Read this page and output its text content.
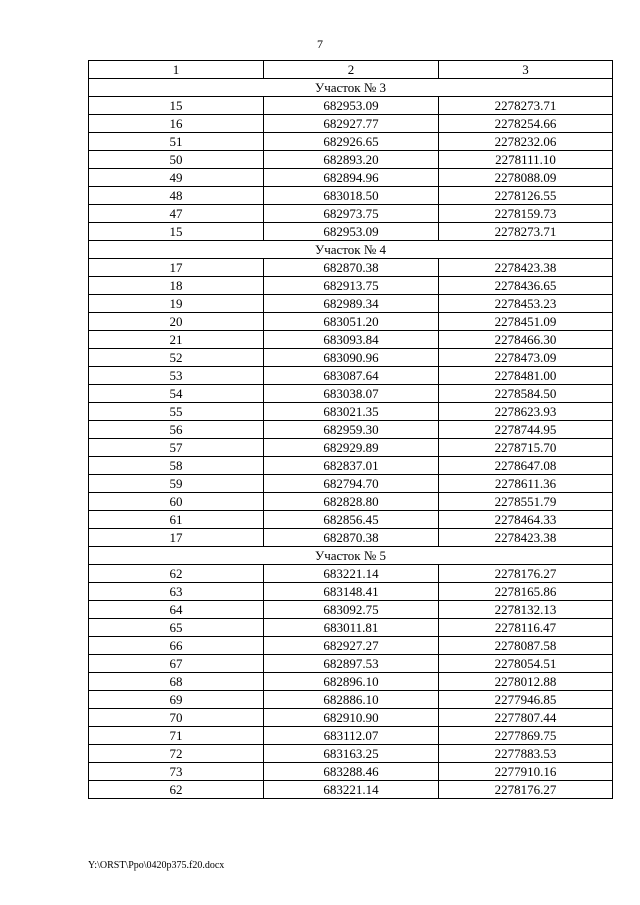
7
1	2	3
Участок № 3		
15	682953.09	2278273.71
16	682927.77	2278254.66
51	682926.65	2278232.06
50	682893.20	2278111.10
49	682894.96	2278088.09
48	683018.50	2278126.55
47	682973.75	2278159.73
15	682953.09	2278273.71
Участок № 4		
17	682870.38	2278423.38
18	682913.75	2278436.65
19	682989.34	2278453.23
20	683051.20	2278451.09
21	683093.84	2278466.30
52	683090.96	2278473.09
53	683087.64	2278481.00
54	683038.07	2278584.50
55	683021.35	2278623.93
56	682959.30	2278744.95
57	682929.89	2278715.70
58	682837.01	2278647.08
59	682794.70	2278611.36
60	682828.80	2278551.79
61	682856.45	2278464.33
17	682870.38	2278423.38
Участок № 5		
62	683221.14	2278176.27
63	683148.41	2278165.86
64	683092.75	2278132.13
65	683011.81	2278116.47
66	682927.27	2278087.58
67	682897.53	2278054.51
68	682896.10	2278012.88
69	682886.10	2277946.85
70	682910.90	2277807.44
71	683112.07	2277869.75
72	683163.25	2277883.53
73	683288.46	2277910.16
62	683221.14	2278176.27
Y:\ORST\Ppo\0420p375.f20.docx
